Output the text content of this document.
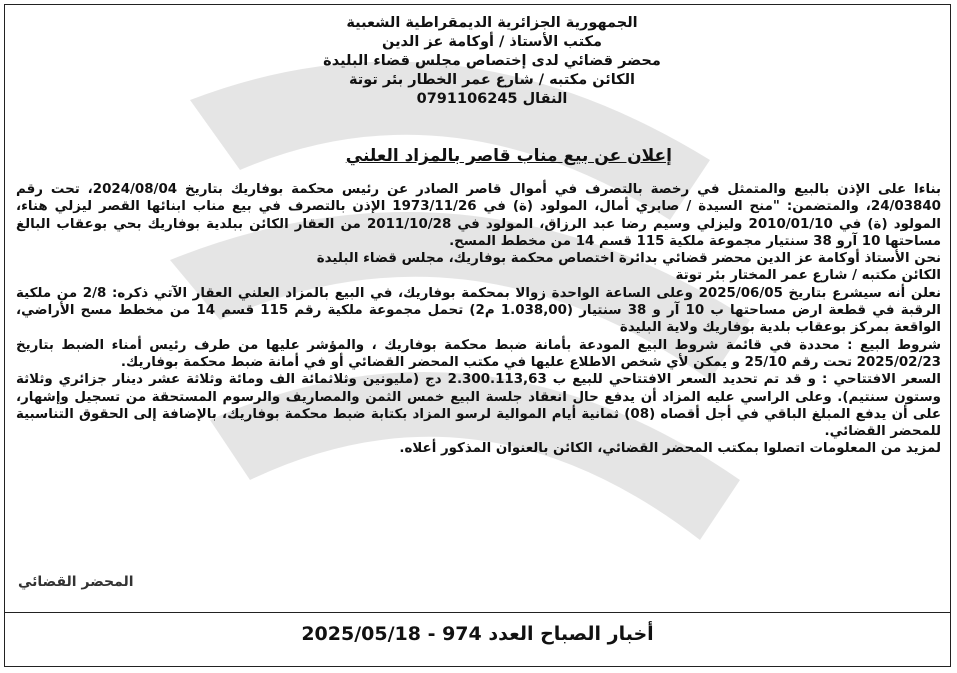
الجمهورية الجزائرية الديمقراطية الشعبية
مكتب الأستاذ / أوكامة عز الدين
محضر قضائي لدى إختصاص مجلس قضاء البليدة
الكائن مكتبه / شارع عمر الخطار بئر توتة
النقال 0791106245
إعلان عن بيع مناب قاصر بالمزاد العلني

بناءا على الإذن بالبيع والمتمثل في رخصة بالتصرف في أموال قاصر الصادر عن رئيس محكمة بوفاريك بتاريخ 2024/08/04، تحت رقم 24/03840، والمتضمن: "منح السيدة / صابري أمال، المولود (ة) في 1973/11/26 الإذن بالتصرف في بيع مناب ابنائها القصر ليزلي هناء، المولود (ة) في 2010/01/10 وليزلي وسيم رضا عبد الرزاق، المولود في 2011/10/28 من العقار الكائن ببلدية بوفاريك بحي بوعقاب البالغ مساحتها 10 آرو 38 سنتيار مجموعة ملكية 115 قسم 14 من مخطط المسح.

نحن الأستاذ أوكامة عز الدين محضر قضائي بدائرة اختصاص محكمة بوفاريك، مجلس قضاء البليدة

الكائن مكتبه / شارع عمر المختار بئر توتة

نعلن أنه سيشرع بتاريخ 2025/06/05 وعلى الساعة الواحدة زوالا بمحكمة بوفاريك، في البيع بالمزاد العلني العقار الآتي ذكره: 2/8 من ملكية الرقبة في قطعة ارض مساحتها ب 10 آر و 38 سنتيار (1.038,00 م2) تحمل مجموعة ملكية رقم 115 قسم 14 من مخطط مسح الأراضي، الواقعة بمركز بوعقاب بلدية بوفاريك ولاية البليدة

شروط البيع : محددة في قائمة شروط البيع المودعة بأمانة ضبط محكمة بوفاريك ، والمؤشر عليها من طرف رئيس أمناء الضبط بتاريخ 2025/02/23 تحت رقم 25/10 و يمكن لأي شخص الاطلاع عليها في مكتب المحضر القضائي أو في أمانة ضبط محكمة بوفاريك.

السعر الافتتاحي : و قد تم تحديد السعر الافتتاحي للبيع ب 2.300.113,63 دج (مليونين وثلاثمائة الف ومائة وثلاثة عشر دينار جزائري وثلاثة وستون سنتيم). وعلى الراسي عليه المزاد أن يدفع حال انعقاد جلسة البيع خمس الثمن والمصاريف والرسوم المستحقة من تسجيل وإشهار، على أن يدفع المبلغ الباقي في أجل أقصاه (08) ثمانية أيام الموالية لرسو المزاد بكتابة ضبط محكمة بوفاريك، بالإضافة إلى الحقوق التناسبية للمحضر القضائي.

لمزيد من المعلومات اتصلوا بمكتب المحضر القضائي، الكائن بالعنوان المذكور أعلاه.

المحضر القضائي
أخبار الصباح العدد 974 - 2025/05/18
